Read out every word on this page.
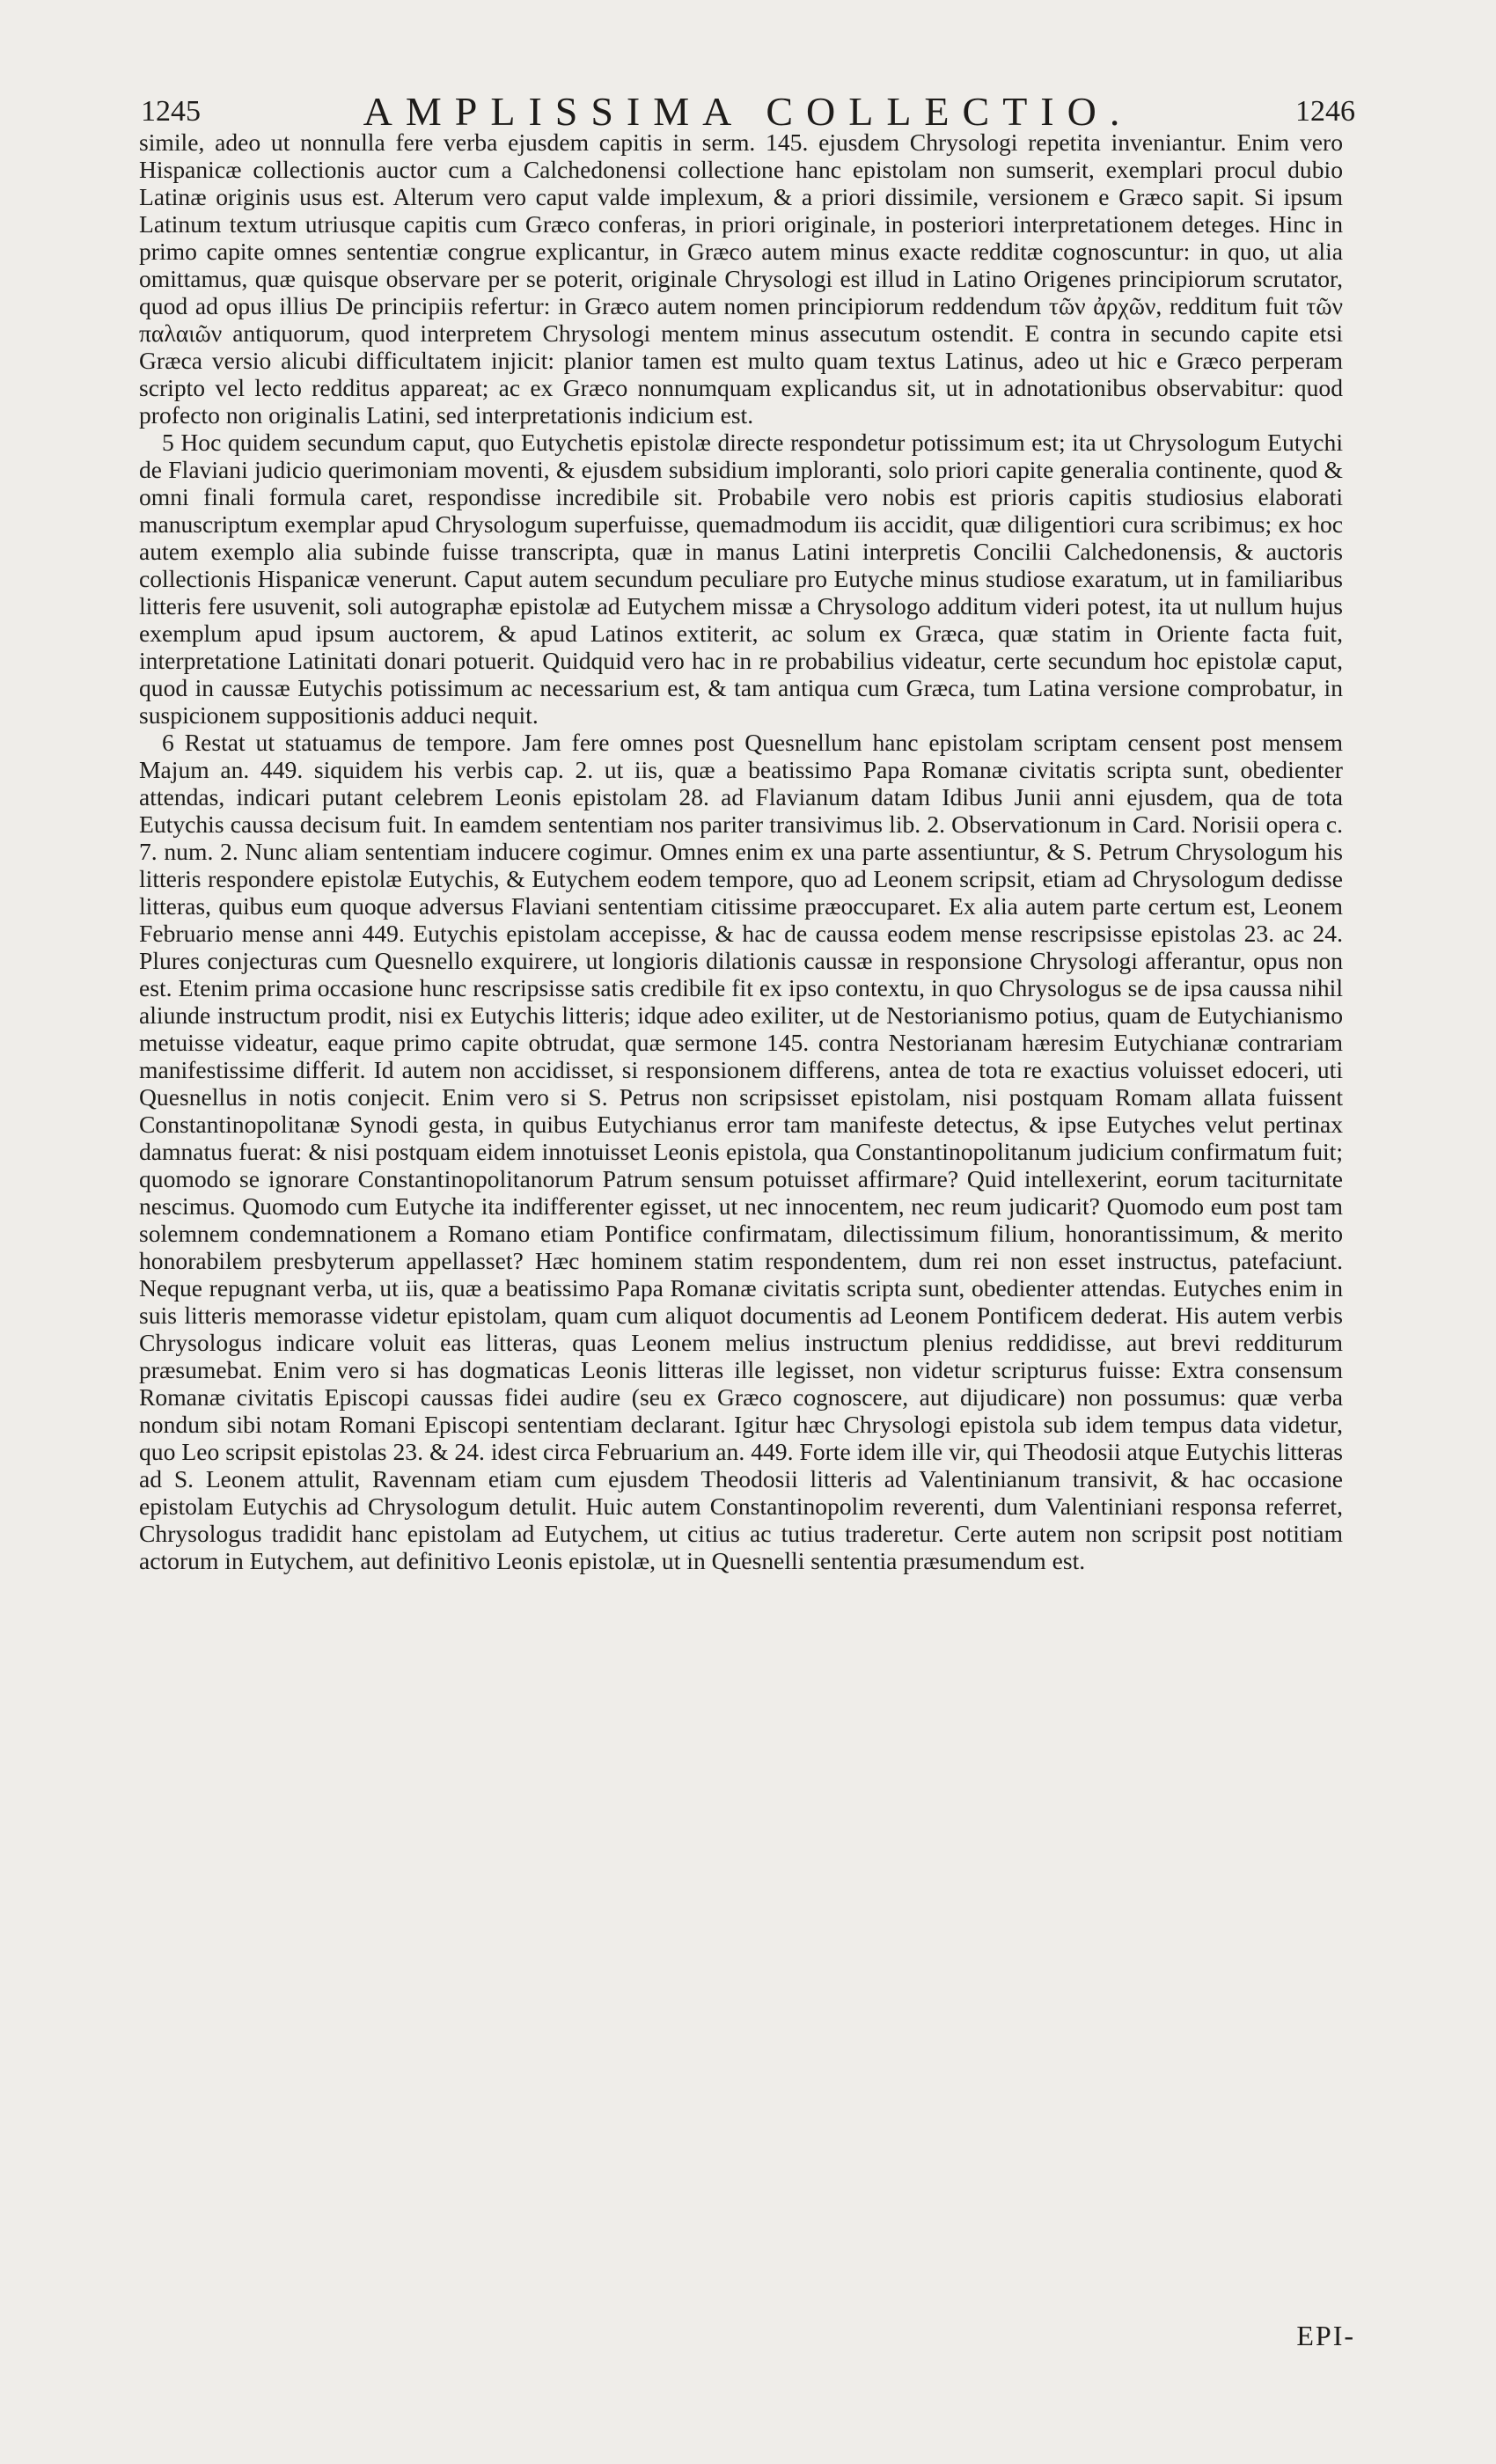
1245	AMPLISSIMA COLLECTIO.	1246

simile, adeo ut nonnulla fere verba ejusdem capitis in serm. 145. ejusdem Chrysologi repetita inveniantur. Enim vero Hispanicæ collectionis auctor cum a Calchedonensi collectione hanc epistolam non sumserit, exemplari procul dubio Latinæ originis usus est. Alterum vero caput valde implexum, & a priori dissimile, versionem e Græco sapit. Si ipsum Latinum textum utriusque capitis cum Græco conferas, in priori originale, in posteriori interpretationem deteges. Hinc in primo capite omnes sententiæ congrue explicantur, in Græco autem minus exacte redditæ cognoscuntur: in quo, ut alia omittamus, quæ quisque observare per se poterit, originale Chrysologi est illud in Latino Origenes principiorum scrutator, quod ad opus illius De principiis refertur: in Græco autem nomen principiorum reddendum τῶν ἀρχῶν, redditum fuit τῶν παλαιῶν antiquorum, quod interpretem Chrysologi mentem minus assecutum ostendit. E contra in secundo capite etsi Græca versio alicubi difficultatem injicit: planior tamen est multo quam textus Latinus, adeo ut hic e Græco perperam scripto vel lecto redditus appareat; ac ex Græco nonnumquam explicandus sit, ut in adnotationibus observabitur: quod profecto non originalis Latini, sed interpretationis indicium est.

5 Hoc quidem secundum caput, quo Eutychetis epistolæ directe respondetur potissimum est; ita ut Chrysologum Eutychi de Flaviani judicio querimoniam moventi, & ejusdem subsidium imploranti, solo priori capite generalia continente, quod & omni finali formula caret, respondisse incredibile sit. Probabile vero nobis est prioris capitis studiosius elaborati manuscriptum exemplar apud Chrysologum superfuisse, quemadmodum iis accidit, quæ diligentiori cura scribimus; ex hoc autem exemplo alia subinde fuisse transcripta, quæ in manus Latini interpretis Concilii Calchedonensis, & auctoris collectionis Hispanicæ venerunt. Caput autem secundum peculiare pro Eutyche minus studiose exaratum, ut in familiaribus litteris fere usuvenit, soli autographæ epistolæ ad Eutychem missæ a Chrysologo additum videri potest, ita ut nullum hujus exemplum apud ipsum auctorem, & apud Latinos extiterit, ac solum ex Græca, quæ statim in Oriente facta fuit, interpretatione Latinitati donari potuerit. Quidquid vero hac in re probabilius videatur, certe secundum hoc epistolæ caput, quod in caussæ Eutychis potissimum ac necessarium est, & tam antiqua cum Græca, tum Latina versione comprobatur, in suspicionem suppositionis adduci nequit.

6 Restat ut statuamus de tempore. Jam fere omnes post Quesnellum hanc epistolam scriptam censent post mensem Majum an. 449. siquidem his verbis cap. 2. ut iis, quæ a beatissimo Papa Romanæ civitatis scripta sunt, obedienter attendas, indicari putant celebrem Leonis epistolam 28. ad Flavianum datam Idibus Junii anni ejusdem, qua de tota Eutychis caussa decisum fuit. In eamdem sententiam nos pariter transivimus lib. 2. Observationum in Card. Norisii opera c. 7. num. 2. Nunc aliam sententiam inducere cogimur. Omnes enim ex una parte assentiuntur, & S. Petrum Chrysologum his litteris respondere epistolæ Eutychis, & Eutychem eodem tempore, quo ad Leonem scripsit, etiam ad Chrysologum dedisse litteras, quibus eum quoque adversus Flaviani sententiam citissime præoccuparet. Ex alia autem parte certum est, Leonem Februario mense anni 449. Eutychis epistolam accepisse, & hac de caussa eodem mense rescripsisse epistolas 23. ac 24. Plures conjecturas cum Quesnello exquirere, ut longioris dilationis caussæ in responsione Chrysologi afferantur, opus non est. Etenim prima occasione hunc rescripsisse satis credibile fit ex ipso contextu, in quo Chrysologus se de ipsa caussa nihil aliunde instructum prodit, nisi ex Eutychis litteris; idque adeo exiliter, ut de Nestorianismo potius, quam de Eutychianismo metuisse videatur, eaque primo capite obtrudat, quæ sermone 145. contra Nestorianam hæresim Eutychianæ contrariam manifestissime differit. Id autem non accidisset, si responsionem differens, antea de tota re exactius voluisset edoceri, uti Quesnellus in notis conjecit. Enim vero si S. Petrus non scripsisset epistolam, nisi postquam Romam allata fuissent Constantinopolitanæ Synodi gesta, in quibus Eutychianus error tam manifeste detectus, & ipse Eutyches velut pertinax damnatus fuerat: & nisi postquam eidem innotuisset Leonis epistola, qua Constantinopolitanum judicium confirmatum fuit; quomodo se ignorare Constantinopolitanorum Patrum sensum potuisset affirmare? Quid intellexerint, eorum taciturnitate nescimus. Quomodo cum Eutyche ita indifferenter egisset, ut nec innocentem, nec reum judicarit? Quomodo eum post tam solemnem condemnationem a Romano etiam Pontifice confirmatam, dilectissimum filium, honorantissimum, & merito honorabilem presbyterum appellasset? Hæc hominem statim respondentem, dum rei non esset instructus, patefaciunt. Neque repugnant verba, ut iis, quæ a beatissimo Papa Romanæ civitatis scripta sunt, obedienter attendas. Eutyches enim in suis litteris memorasse videtur epistolam, quam cum aliquot documentis ad Leonem Pontificem dederat. His autem verbis Chrysologus indicare voluit eas litteras, quas Leonem melius instructum plenius reddidisse, aut brevi redditurum præsumebat. Enim vero si has dogmaticas Leonis litteras ille legisset, non videtur scripturus fuisse: Extra consensum Romanæ civitatis Episcopi caussas fidei audire (seu ex Græco cognoscere, aut dijudicare) non possumus: quæ verba nondum sibi notam Romani Episcopi sententiam declarant. Igitur hæc Chrysologi epistola sub idem tempus data videtur, quo Leo scripsit epistolas 23. & 24. idest circa Februarium an. 449. Forte idem ille vir, qui Theodosii atque Eutychis litteras ad S. Leonem attulit, Ravennam etiam cum ejusdem Theodosii litteris ad Valentinianum transivit, & hac occasione epistolam Eutychis ad Chrysologum detulit. Huic autem Constantinopolim reverenti, dum Valentiniani responsa referret, Chrysologus tradidit hanc epistolam ad Eutychem, ut citius ac tutius traderetur. Certe autem non scripsit post notitiam actorum in Eutychem, aut definitivo Leonis epistolæ, ut in Quesnelli sententia præsumendum est.

EPI-
